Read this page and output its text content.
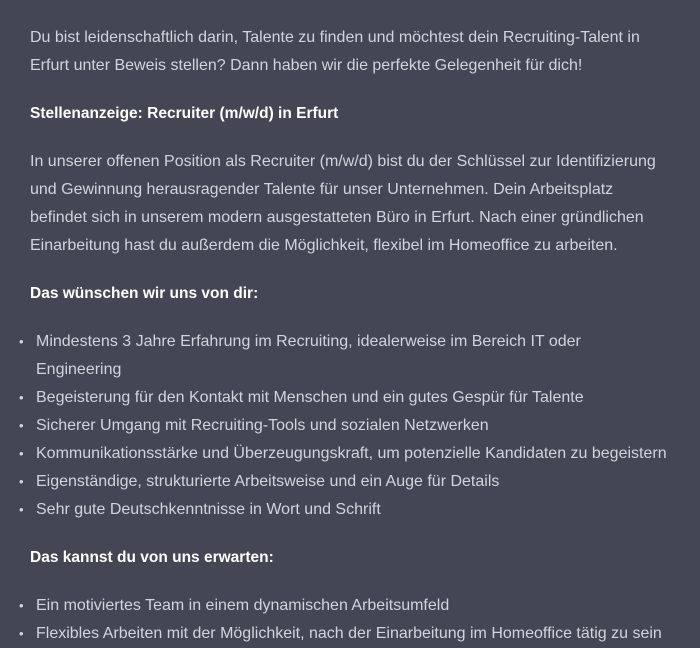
Du bist leidenschaftlich darin, Talente zu finden und möchtest dein Recruiting-Talent in Erfurt unter Beweis stellen? Dann haben wir die perfekte Gelegenheit für dich!

Stellenanzeige: Recruiter (m/w/d) in Erfurt

In unserer offenen Position als Recruiter (m/w/d) bist du der Schlüssel zur Identifizierung und Gewinnung herausragender Talente für unser Unternehmen. Dein Arbeitsplatz befindet sich in unserem modern ausgestatteten Büro in Erfurt. Nach einer gründlichen Einarbeitung hast du außerdem die Möglichkeit, flexibel im Homeoffice zu arbeiten.

Das wünschen wir uns von dir:

• Mindestens 3 Jahre Erfahrung im Recruiting, idealerweise im Bereich IT oder Engineering
• Begeisterung für den Kontakt mit Menschen und ein gutes Gespür für Talente
• Sicherer Umgang mit Recruiting-Tools und sozialen Netzwerken
• Kommunikationsstärke und Überzeugungskraft, um potenzielle Kandidaten zu begeistern
• Eigenständige, strukturierte Arbeitsweise und ein Auge für Details
• Sehr gute Deutschkenntnisse in Wort und Schrift

Das kannst du von uns erwarten:

• Ein motiviertes Team in einem dynamischen Arbeitsumfeld
• Flexibles Arbeiten mit der Möglichkeit, nach der Einarbeitung im Homeoffice tätig zu sein
